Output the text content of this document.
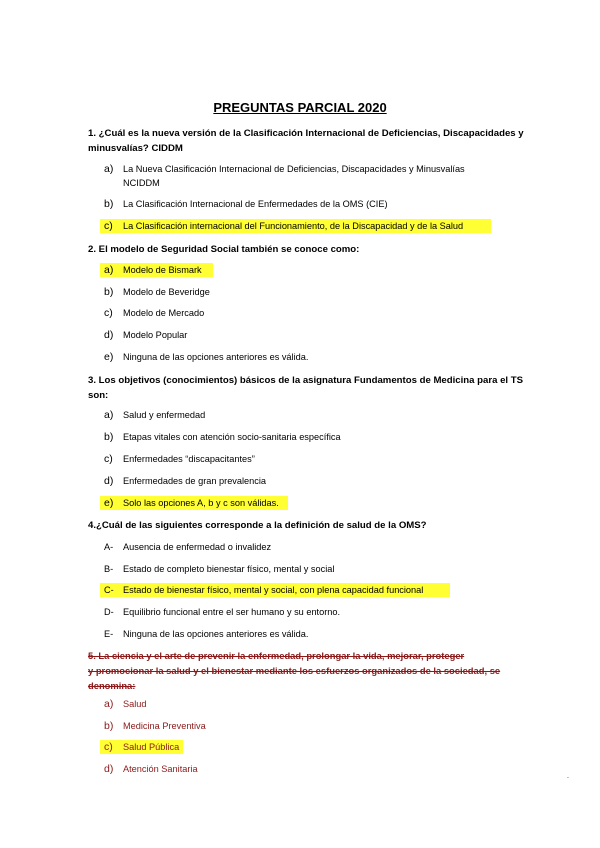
PREGUNTAS PARCIAL 2020
1. ¿Cuál es la nueva versión de la Clasificación Internacional de Deficiencias, Discapacidades y minusvalías? CIDDM
a) La Nueva Clasificación Internacional de Deficiencias, Discapacidades y Minusvalías NCIDDM
b) La Clasificación Internacional de Enfermedades de la OMS (CIE)
c) La Clasificación internacional del Funcionamiento, de la Discapacidad y de la Salud
2. El modelo de Seguridad Social también se conoce como:
a) Modelo de Bismark
b) Modelo de Beveridge
c) Modelo de Mercado
d) Modelo Popular
e) Ninguna de las opciones anteriores es válida.
3. Los objetivos (conocimientos) básicos de la asignatura Fundamentos de Medicina para el TS son:
a) Salud y enfermedad
b) Etapas vitales con atención socio-sanitaria específica
c) Enfermedades “discapacitantes”
d) Enfermedades de gran prevalencia
e) Solo las opciones A, b y c son válidas.
4.¿Cuál de las siguientes corresponde a la definición de salud de la OMS?
A- Ausencia de enfermedad o invalidez
B- Estado de completo bienestar físico, mental y social
C- Estado de bienestar físico, mental y social, con plena capacidad funcional
D- Equilibrio funcional entre el ser humano y su entorno.
E- Ninguna de las opciones anteriores es válida.
5. La ciencia y el arte de prevenir la enfermedad, prolongar la vida, mejorar, proteger
y promocionar la salud y el bienestar mediante los esfuerzos organizados de la sociedad, se
denomina:
a) Salud
b) Medicina Preventiva
c) Salud Pública
d) Atención Sanitaria
.
